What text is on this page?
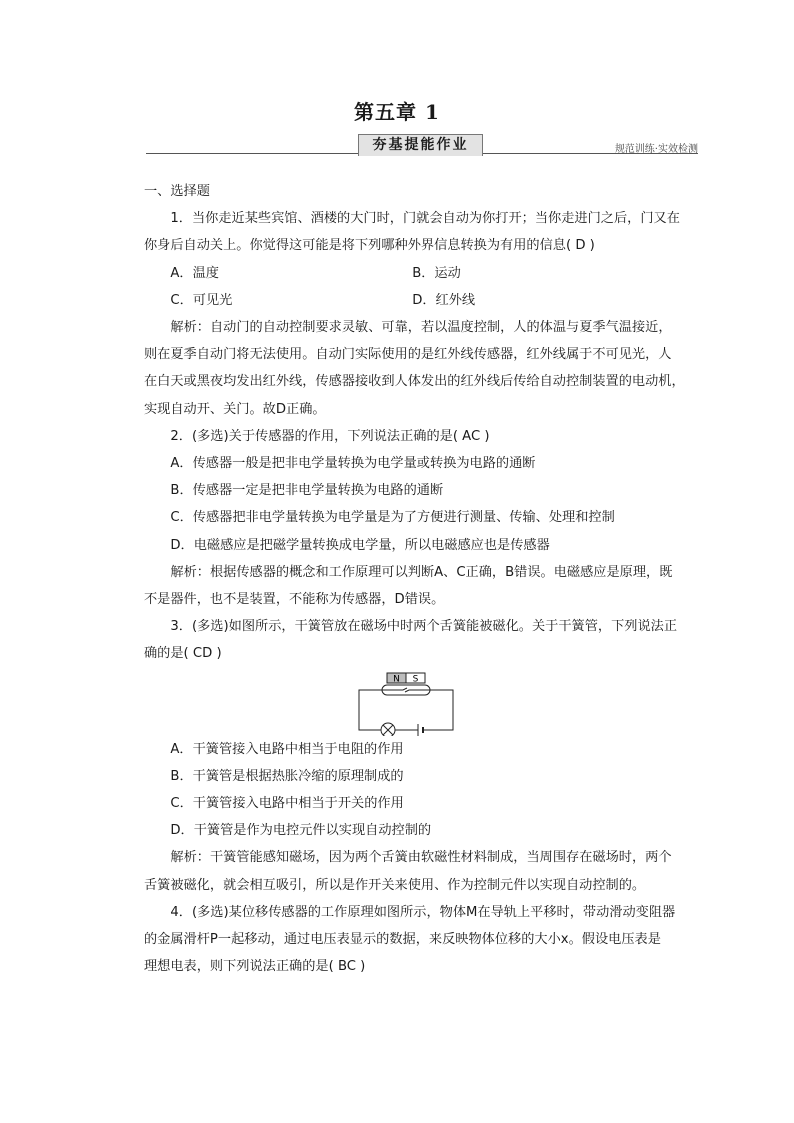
第五章 1
夯基提能作业	规范训练·实效检测
一、选择题
1．当你走近某些宾馆、酒楼的大门时，门就会自动为你打开；当你走进门之后，门又在
你身后自动关上。你觉得这可能是将下列哪种外界信息转换为有用的信息( D )
A．温度	B．运动
C．可见光	D．红外线
解析：自动门的自动控制要求灵敏、可靠，若以温度控制，人的体温与夏季气温接近，
则在夏季自动门将无法使用。自动门实际使用的是红外线传感器，红外线属于不可见光，人
在白天或黑夜均发出红外线，传感器接收到人体发出的红外线后传给自动控制装置的电动机，
实现自动开、关门。故D正确。
2．(多选)关于传感器的作用，下列说法正确的是( AC )
A．传感器一般是把非电学量转换为电学量或转换为电路的通断
B．传感器一定是把非电学量转换为电路的通断
C．传感器把非电学量转换为电学量是为了方便进行测量、传输、处理和控制
D．电磁感应是把磁学量转换成电学量，所以电磁感应也是传感器
解析：根据传感器的概念和工作原理可以判断A、C正确，B错误。电磁感应是原理，既
不是器件，也不是装置，不能称为传感器，D错误。
3．(多选)如图所示，干簧管放在磁场中时两个舌簧能被磁化。关于干簧管，下列说法正
确的是( CD )
N S
A．干簧管接入电路中相当于电阻的作用
B．干簧管是根据热胀冷缩的原理制成的
C．干簧管接入电路中相当于开关的作用
D．干簧管是作为电控元件以实现自动控制的
解析：干簧管能感知磁场，因为两个舌簧由软磁性材料制成，当周围存在磁场时，两个
舌簧被磁化，就会相互吸引，所以是作开关来使用、作为控制元件以实现自动控制的。
4．(多选)某位移传感器的工作原理如图所示，物体M在导轨上平移时，带动滑动变阻器
的金属滑杆P一起移动，通过电压表显示的数据，来反映物体位移的大小x。假设电压表是
理想电表，则下列说法正确的是( BC )
